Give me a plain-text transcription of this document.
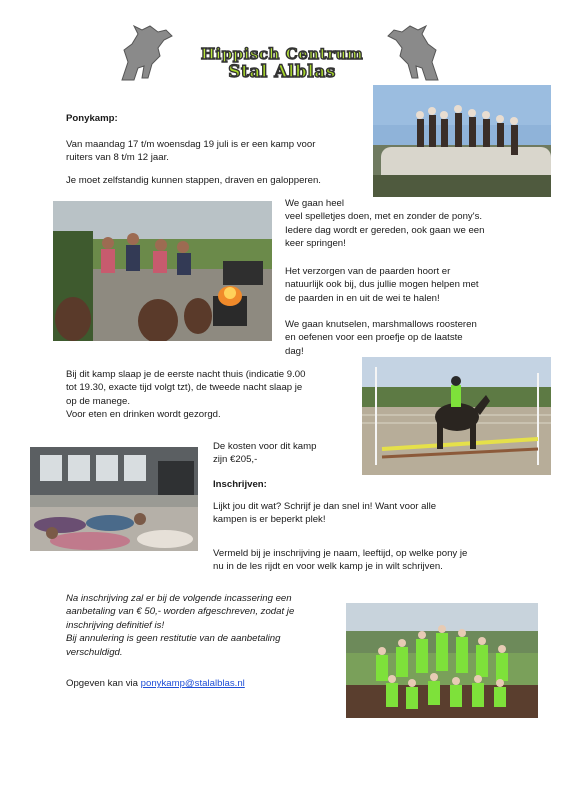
Hippisch Centrum
Stal Alblas
Ponykamp:
Van maandag 17 t/m woensdag 19 juli is er een kamp voor
ruiters van 8 t/m 12 jaar.
Je moet zelfstandig kunnen stappen, draven en galopperen.
We gaan heel
veel spelletjes doen, met en zonder de pony's.
Iedere dag wordt er gereden, ook gaan we een
keer springen!
Het verzorgen van de paarden hoort er
natuurlijk ook bij, dus jullie mogen helpen met
de paarden in en uit de wei te halen!
We gaan knutselen, marshmallows roosteren
en oefenen voor een proefje op de laatste
dag!
Bij dit kamp slaap je de eerste nacht thuis (indicatie 9.00
tot 19.30, exacte tijd volgt tzt), de tweede nacht slaap je
op de manege.
Voor eten en drinken wordt gezorgd.
De kosten voor dit kamp
zijn €205,-
Inschrijven:
Lijkt jou dit wat? Schrijf je dan snel in! Want voor alle
kampen is er beperkt plek!
Vermeld bij je inschrijving je naam, leeftijd, op welke pony je
nu in de les rijdt en voor welk kamp je in wilt schrijven.
Na inschrijving zal er bij de volgende incassering een
aanbetaling van € 50,- worden afgeschreven, zodat je
inschrijving definitief is!
Bij annulering is geen restitutie van de aanbetaling
verschuldigd.
Opgeven kan via ponykamp@stalalblas.nl
